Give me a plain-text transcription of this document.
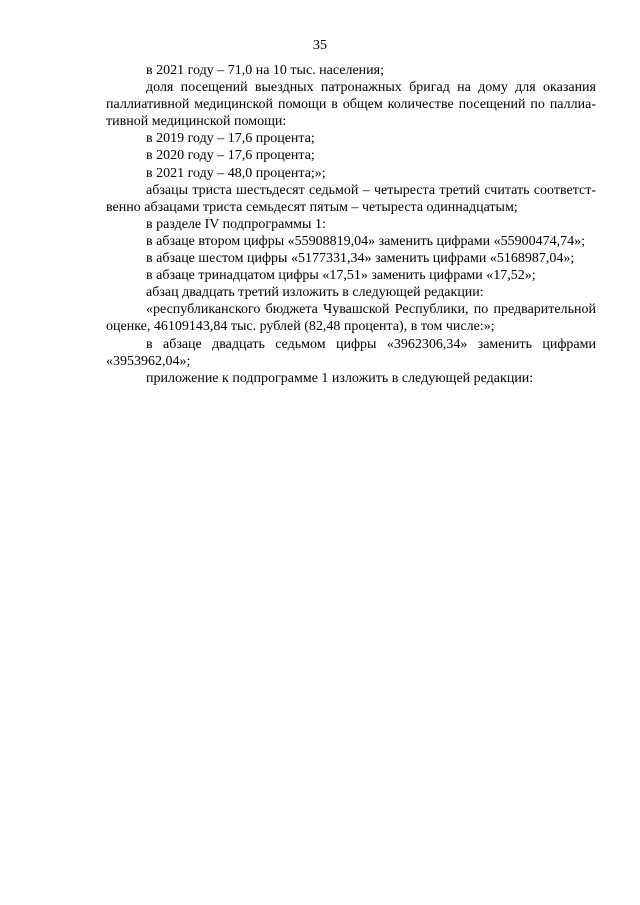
35
в 2021 году – 71,0 на 10 тыс. населения;
доля посещений выездных патронажных бригад на дому для оказания
паллиативной медицинской помощи в общем количестве посещений по паллиа-
тивной медицинской помощи:
в 2019 году – 17,6 процента;
в 2020 году – 17,6 процента;
в 2021 году – 48,0 процента;»;
абзацы триста шестьдесят седьмой – четыреста третий считать соответст-
венно абзацами триста семьдесят пятым – четыреста одиннадцатым;
в разделе IV подпрограммы 1:
в абзаце втором цифры «55908819,04» заменить цифрами «55900474,74»;
в абзаце шестом цифры «5177331,34» заменить цифрами «5168987,04»;
в абзаце тринадцатом цифры «17,51» заменить цифрами «17,52»;
абзац двадцать третий изложить в следующей редакции:
«республиканского бюджета Чувашской Республики, по предварительной
оценке, 46109143,84 тыс. рублей (82,48 процента), в том числе:»;
в абзаце двадцать седьмом цифры «3962306,34» заменить цифрами
«3953962,04»;
приложение к подпрограмме 1 изложить в следующей редакции:
